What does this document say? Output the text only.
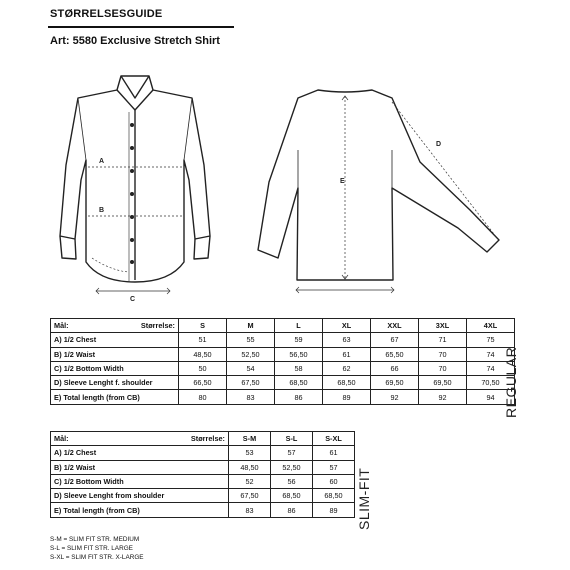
STØRRELSESGUIDE
Art: 5580 Exclusive Stretch Shirt
A
B
C
E
D
Mål: Størrelse:	S	M	L	XL	XXL	3XL	4XL
A) 1/2 Chest	51	55	59	63	67	71	75
B) 1/2 Waist	48,50	52,50	56,50	61	65,50	70	74
C) 1/2 Bottom Width	50	54	58	62	66	70	74
D) Sleeve Lenght f. shoulder	66,50	67,50	68,50	68,50	69,50	69,50	70,50
E) Total length (from CB)	80	83	86	89	92	92	94 REGULAR
Mål: Størrelse:	S-M	S-L	S-XL
A) 1/2 Chest	53	57	61
B) 1/2 Waist	48,50	52,50	57
C) 1/2 Bottom Width	52	56	60
D) Sleeve Lenght from shoulder	67,50	68,50	68,50
E) Total length (from CB)	83	86	89 SLIM-FIT
S-M = SLIM FIT STR. MEDIUM
S-L = SLIM FIT STR. LARGE
S-XL = SLIM FIT STR. X-LARGE
